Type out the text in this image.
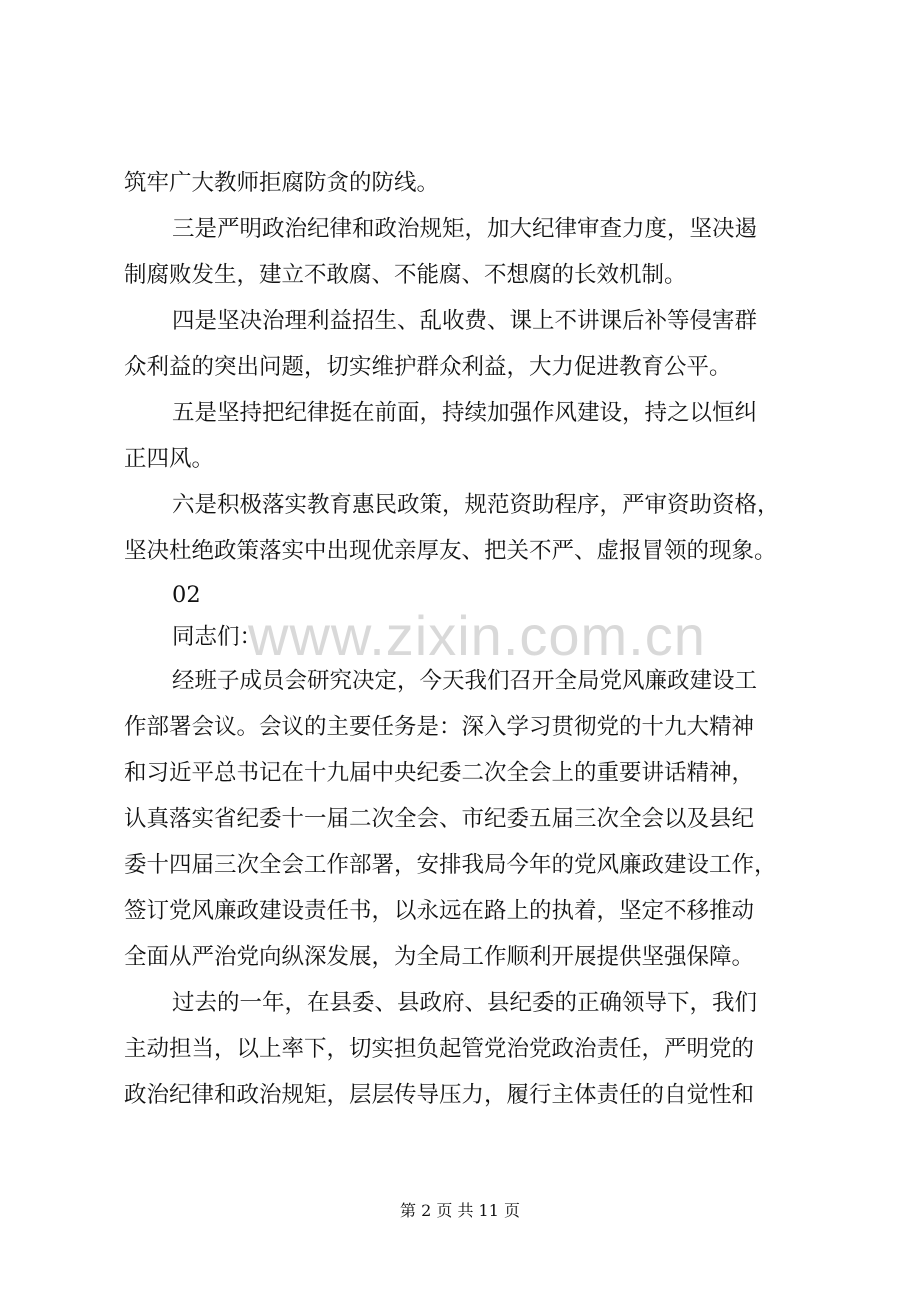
www.zixin.com.cn
筑牢广大教师拒腐防贪的防线。
三是严明政治纪律和政治规矩，加大纪律审查力度，坚决遏
制腐败发生，建立不敢腐、不能腐、不想腐的长效机制。
四是坚决治理利益招生、乱收费、课上不讲课后补等侵害群
众利益的突出问题，切实维护群众利益，大力促进教育公平。
五是坚持把纪律挺在前面，持续加强作风建设，持之以恒纠
正四风。
六是积极落实教育惠民政策，规范资助程序，严审资助资格，
坚决杜绝政策落实中出现优亲厚友、把关不严、虚报冒领的现象。
02
同志们：
经班子成员会研究决定，今天我们召开全局党风廉政建设工
作部署会议。会议的主要任务是：深入学习贯彻党的十九大精神
和习近平总书记在十九届中央纪委二次全会上的重要讲话精神，
认真落实省纪委十一届二次全会、市纪委五届三次全会以及县纪
委十四届三次全会工作部署，安排我局今年的党风廉政建设工作，
签订党风廉政建设责任书，以永远在路上的执着，坚定不移推动
全面从严治党向纵深发展，为全局工作顺利开展提供坚强保障。
过去的一年，在县委、县政府、县纪委的正确领导下，我们
主动担当，以上率下，切实担负起管党治党政治责任，严明党的
政治纪律和政治规矩，层层传导压力，履行主体责任的自觉性和
第 2 页 共 11 页
